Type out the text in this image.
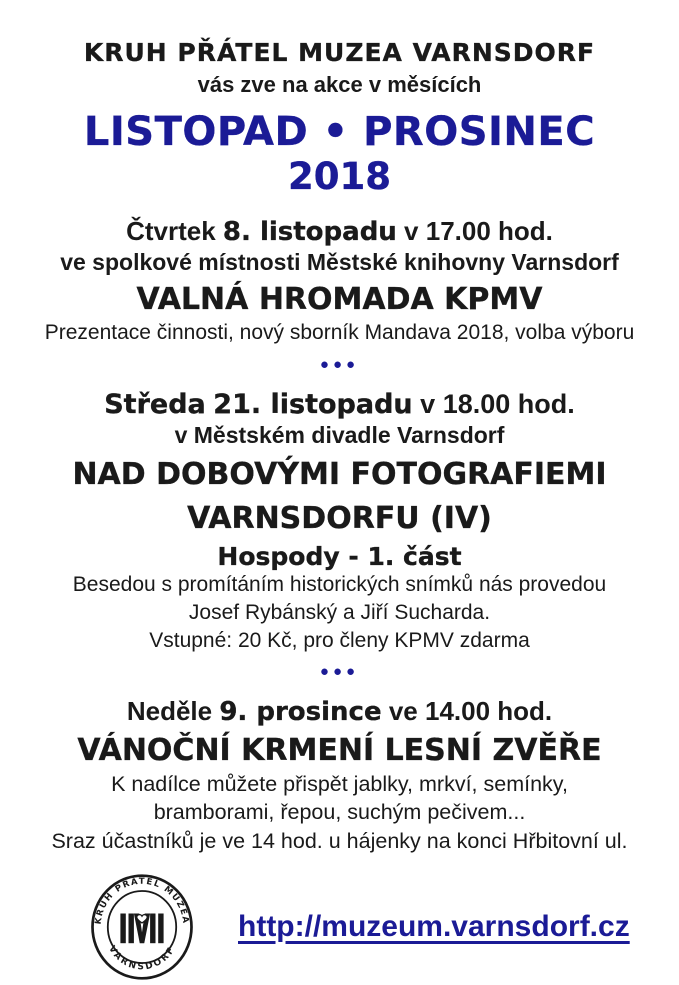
KRUH PŘÁTEL MUZEA VARNSDORF
vás zve na akce v měsících
LISTOPAD • PROSINEC
2018
Čtvrtek 8. listopadu v 17.00 hod.
ve spolkové místnosti Městské knihovny Varnsdorf
VALNÁ HROMADA KPMV
Prezentace činnosti, nový sborník Mandava 2018, volba výboru
●●●
Středa 21. listopadu v 18.00 hod.
v Městském divadle Varnsdorf
NAD DOBOVÝMI FOTOGRAFIEMI
VARNSDORFU (IV)
Hospody - 1. část
Besedou s promítáním historických snímků nás provedou
Josef Rybánský a Jiří Sucharda.
Vstupné: 20 Kč, pro členy KPMV zdarma
●●●
Neděle 9. prosince ve 14.00 hod.
VÁNOČNÍ KRMENÍ LESNÍ ZVĚŘE
K nadílce můžete přispět jablky, mrkví, semínky,
bramborami, řepou, suchým pečivem...
Sraz účastníků je ve 14 hod. u hájenky na konci Hřbitovní ul.
KRUH PŘÁTEL MUZEA
VARNSDORF
http://muzeum.varnsdorf.cz
